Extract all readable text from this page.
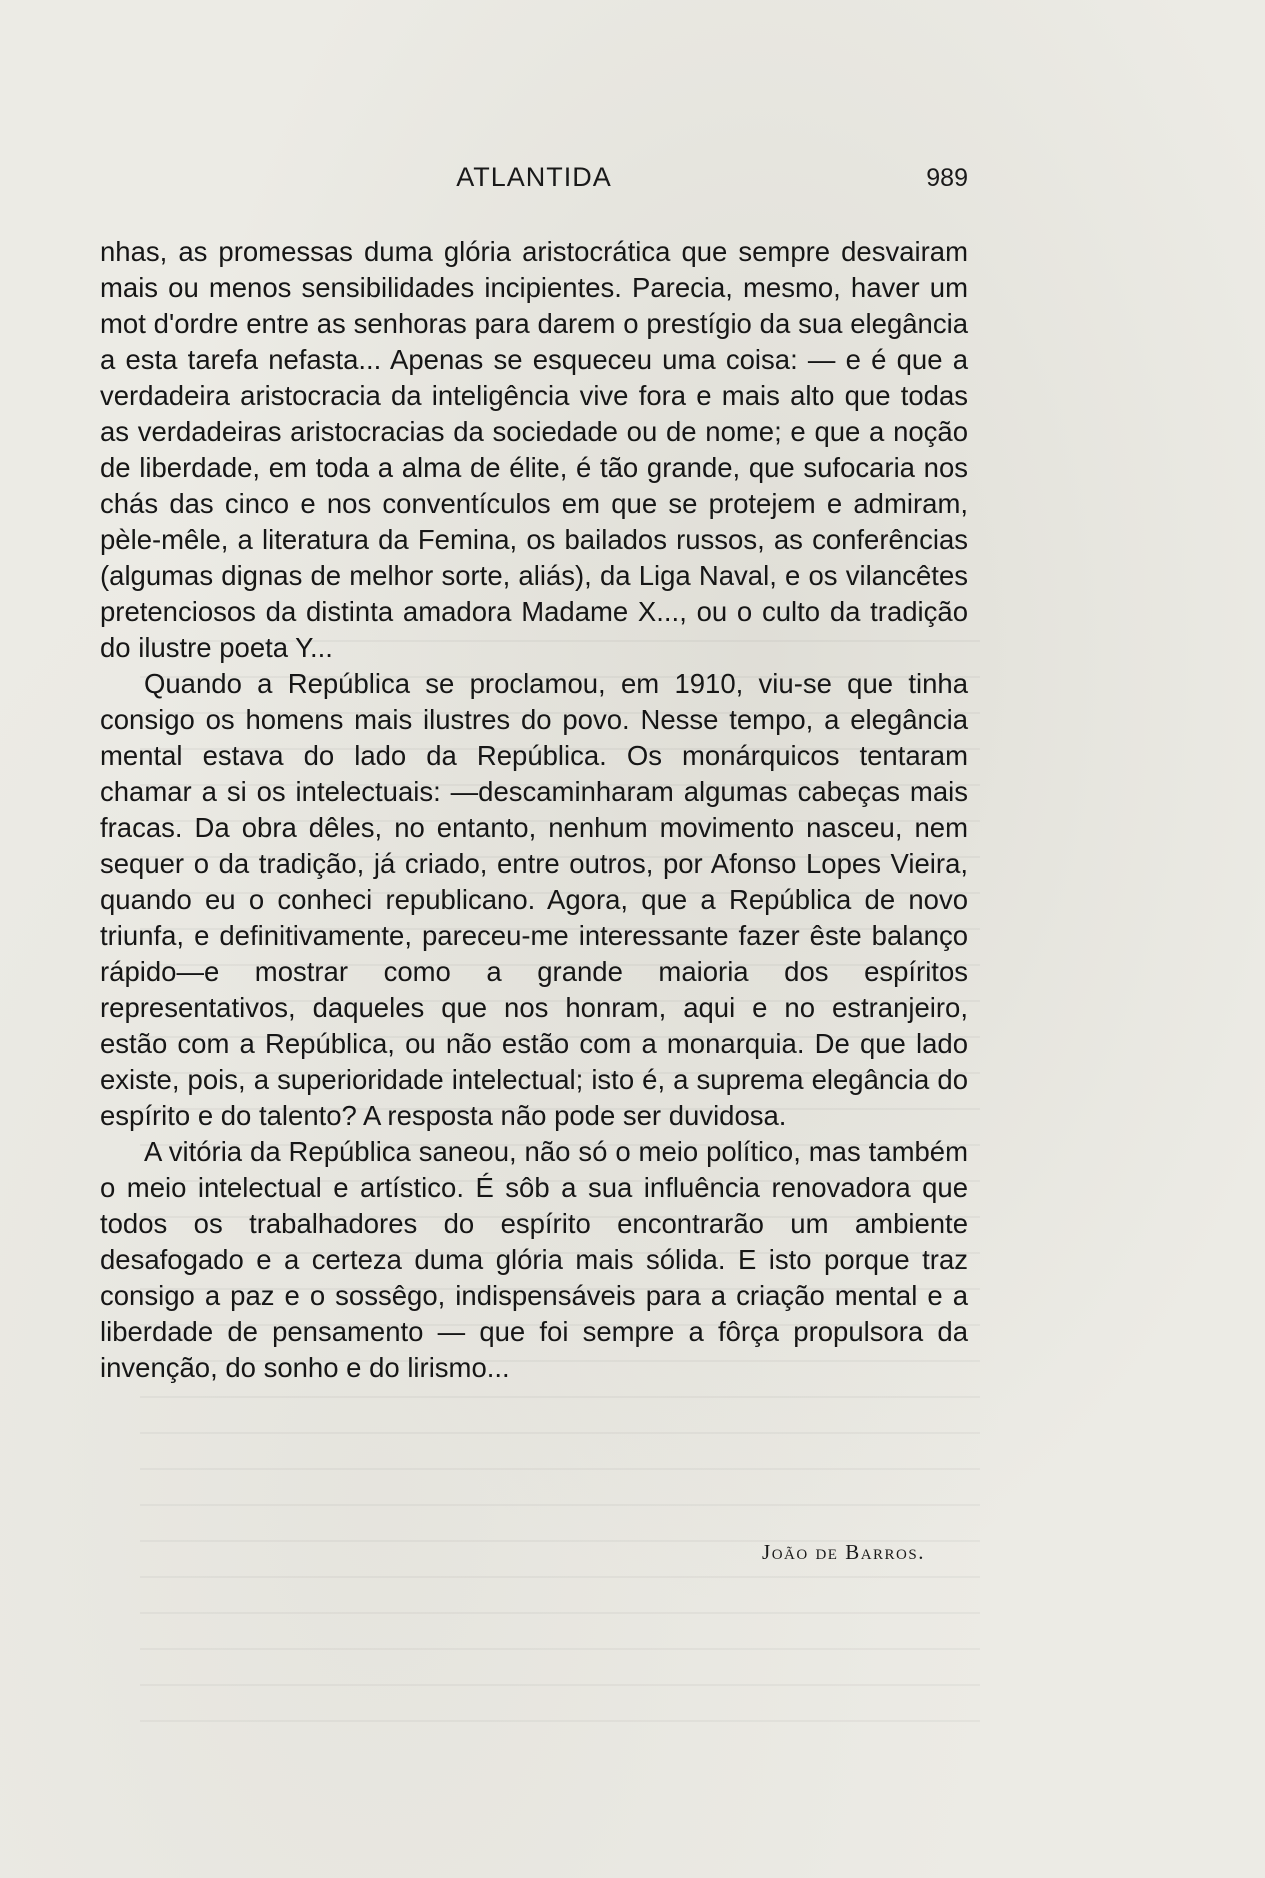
ATLANTIDA	989

nhas, as promessas duma glória aristocrática que sempre desvairam mais ou menos sensibilidades incipientes. Parecia, mesmo, haver um mot d'ordre entre as senhoras para darem o prestígio da sua elegância a esta tarefa nefasta... Apenas se esqueceu uma coisa: — e é que a verdadeira aristocracia da inteligência vive fora e mais alto que todas as verdadeiras aristocracias da sociedade ou de nome; e que a noção de liberdade, em toda a alma de élite, é tão grande, que sufocaria nos chás das cinco e nos conventículos em que se protejem e admiram, pèle-mêle, a literatura da Femina, os bailados russos, as conferências (algumas dignas de melhor sorte, aliás), da Liga Naval, e os vilancêtes pretenciosos da distinta amadora Madame X..., ou o culto da tradição do ilustre poeta Y...

Quando a República se proclamou, em 1910, viu-se que tinha consigo os homens mais ilustres do povo. Nesse tempo, a elegância mental estava do lado da República. Os monárquicos tentaram chamar a si os intelectuais: —descaminharam algumas cabeças mais fracas. Da obra dêles, no entanto, nenhum movimento nasceu, nem sequer o da tradição, já criado, entre outros, por Afonso Lopes Vieira, quando eu o conheci republicano. Agora, que a República de novo triunfa, e definitivamente, pareceu-me interessante fazer êste balanço rápido—e mostrar como a grande maioria dos espíritos representativos, daqueles que nos honram, aqui e no estranjeiro, estão com a República, ou não estão com a monarquia. De que lado existe, pois, a superioridade intelectual; isto é, a suprema elegância do espírito e do talento? A resposta não pode ser duvidosa.

A vitória da República saneou, não só o meio político, mas também o meio intelectual e artístico. É sôb a sua influência renovadora que todos os trabalhadores do espírito encontrarão um ambiente desafogado e a certeza duma glória mais sólida. E isto porque traz consigo a paz e o sossêgo, indispensáveis para a criação mental e a liberdade de pensamento — que foi sempre a fôrça propulsora da invenção, do sonho e do lirismo...

João de Barros.
